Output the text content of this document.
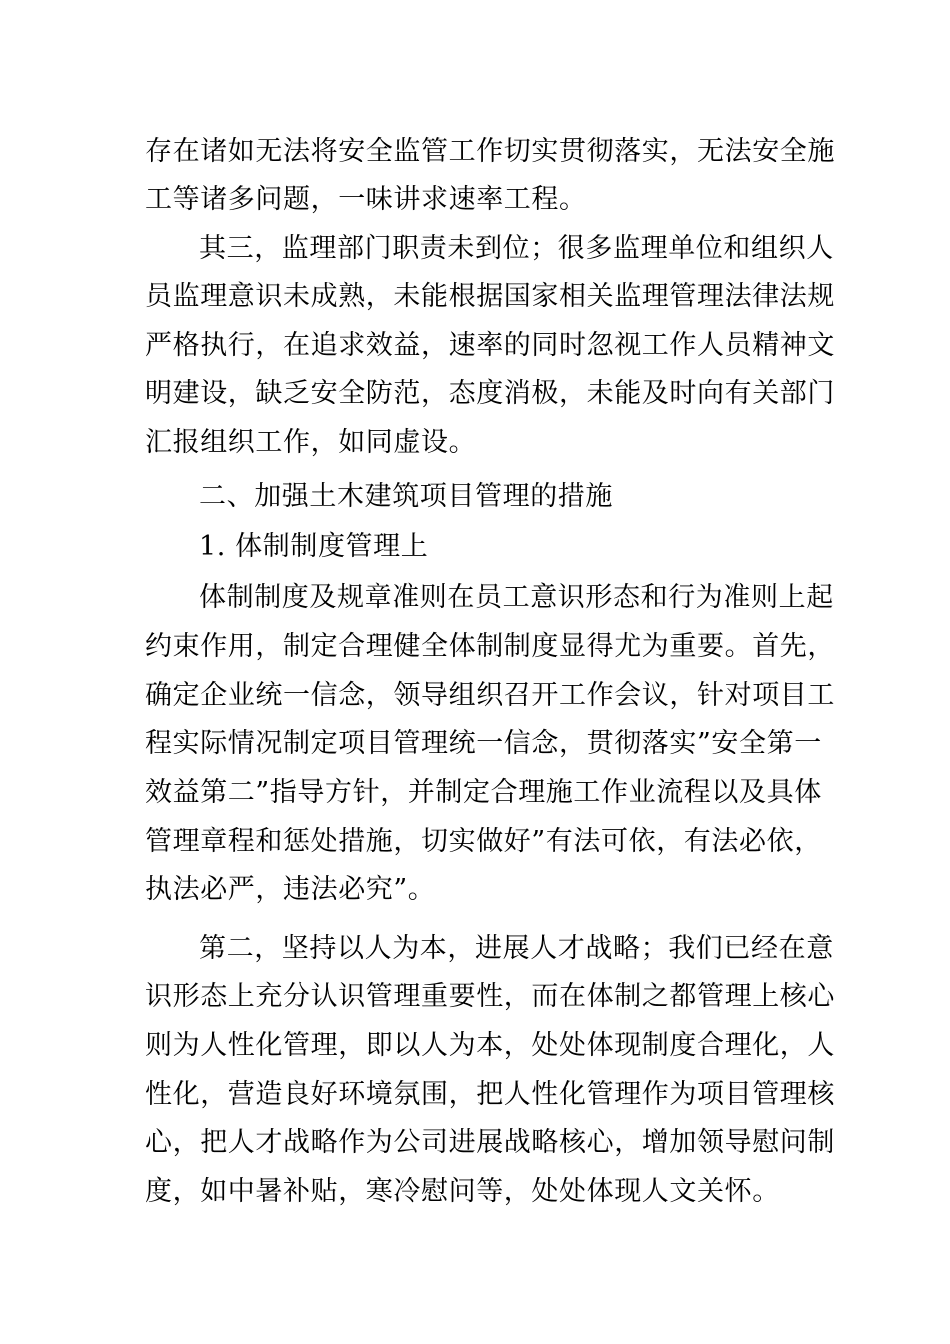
存在诸如无法将安全监管工作切实贯彻落实，无法安全施
工等诸多问题，一味讲求速率工程。
其三，监理部门职责未到位；很多监理单位和组织人
员监理意识未成熟，未能根据国家相关监理管理法律法规
严格执行，在追求效益，速率的同时忽视工作人员精神文
明建设，缺乏安全防范，态度消极，未能及时向有关部门
汇报组织工作，如同虚设。
二、加强土木建筑项目管理的措施
1. 体制制度管理上
体制制度及规章准则在员工意识形态和行为准则上起
约束作用，制定合理健全体制制度显得尤为重要。首先，
确定企业统一信念，领导组织召开工作会议，针对项目工
程实际情况制定项目管理统一信念，贯彻落实”安全第一
效益第二”指导方针，并制定合理施工作业流程以及具体
管理章程和惩处措施，切实做好”有法可依，有法必依，
执法必严，违法必究”。
第二，坚持以人为本，进展人才战略；我们已经在意
识形态上充分认识管理重要性，而在体制之都管理上核心
则为人性化管理，即以人为本，处处体现制度合理化，人
性化，营造良好环境氛围，把人性化管理作为项目管理核
心，把人才战略作为公司进展战略核心，增加领导慰问制
度，如中暑补贴，寒冷慰问等，处处体现人文关怀。
